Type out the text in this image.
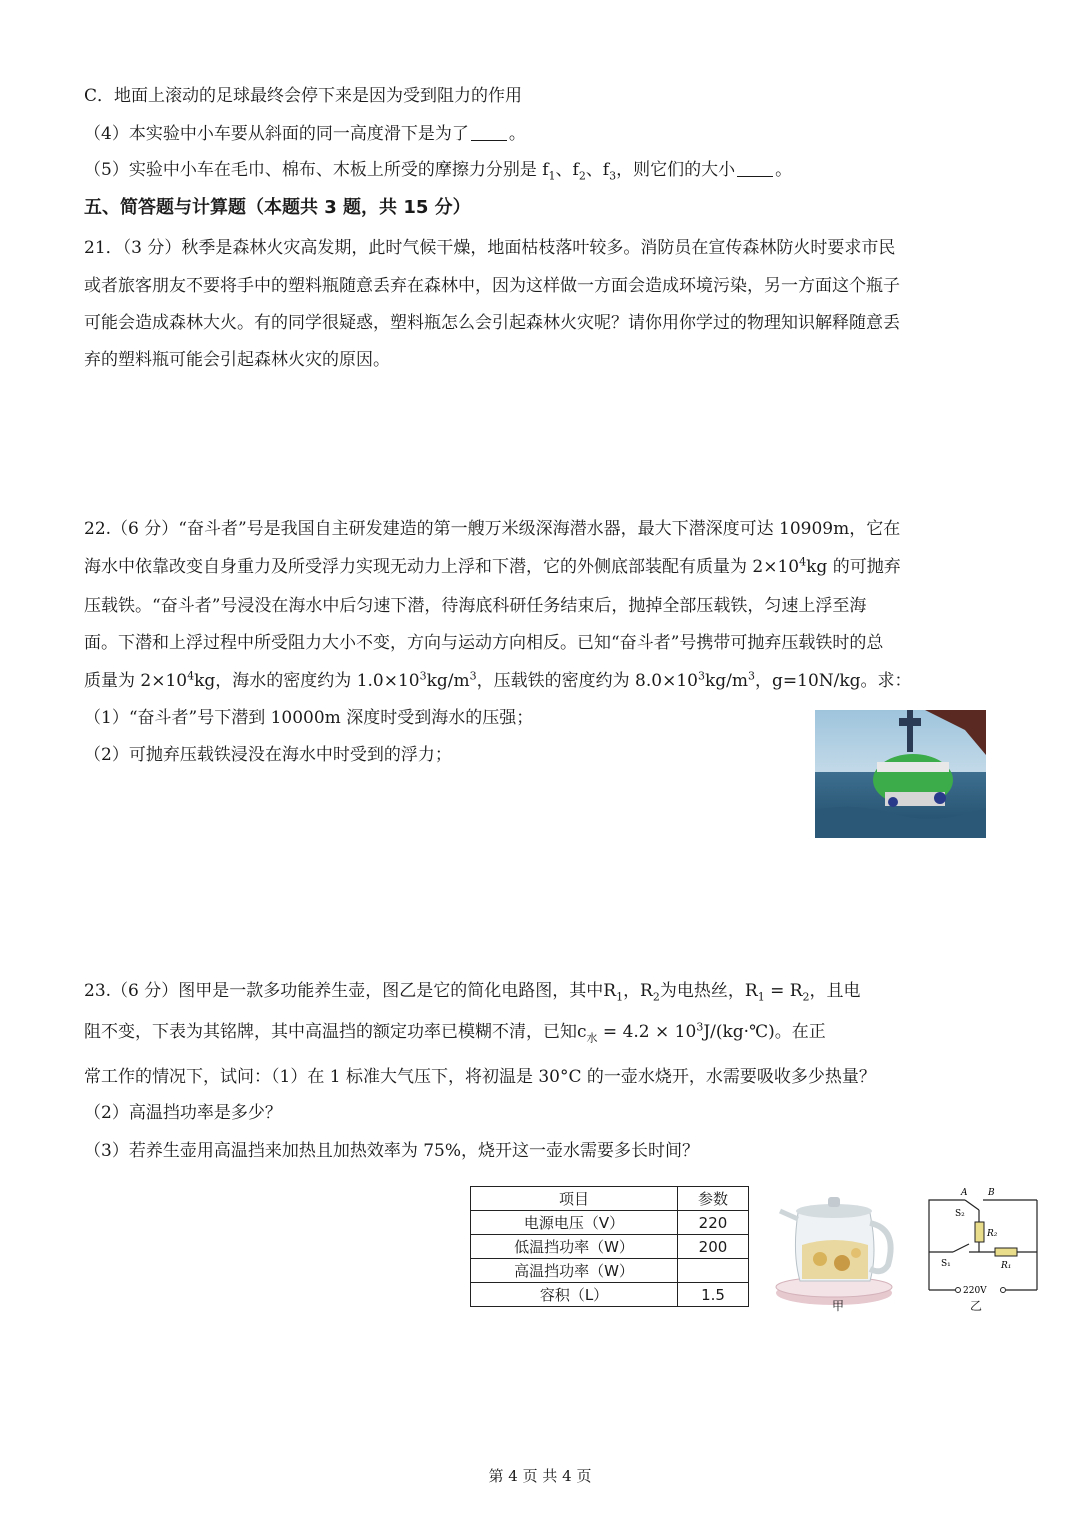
C．地面上滚动的足球最终会停下来是因为受到阻力的作用
（4）本实验中小车要从斜面的同一高度滑下是为了 。
（5）实验中小车在毛巾、棉布、木板上所受的摩擦力分别是 $f_1$、$f_2$、$f_3$，则它们的大小 。
五、简答题与计算题（本题共 3 题，共 15 分）
21．（3 分）秋季是森林火灾高发期，此时气候干燥，地面枯枝落叶较多。消防员在宣传森林防火时要求市民
或者旅客朋友不要将手中的塑料瓶随意丢弃在森林中，因为这样做一方面会造成环境污染，另一方面这个瓶子
可能会造成森林大火。有的同学很疑惑，塑料瓶怎么会引起森林火灾呢？请你用你学过的物理知识解释随意丢
弃的塑料瓶可能会引起森林火灾的原因。
22.（6 分）“奋斗者”号是我国自主研发建造的第一艘万米级深海潜水器，最大下潜深度可达 10909m，它在
海水中依靠改变自身重力及所受浮力实现无动力上浮和下潜，它的外侧底部装配有质量为 $2\times 10^4kg$ 的可抛弃
压载铁。“奋斗者”号浸没在海水中后匀速下潜，待海底科研任务结束后，抛掉全部压载铁，匀速上浮至海
面。下潜和上浮过程中所受阻力大小不变，方向与运动方向相反。已知“奋斗者”号携带可抛弃压载铁时的总
质量为 $2\times 10^4kg$，海水的密度约为 $1.0\times 10^3kg/m^3$，压载铁的密度约为 $8.0\times 10^3kg/m^3$，g=10N/kg。求：
（1）“奋斗者”号下潜到 10000m 深度时受到海水的压强；
（2）可抛弃压载铁浸没在海水中时受到的浮力；
23.（6 分）图甲是一款多功能养生壶，图乙是它的简化电路图，其中$R_1$，$R_2$为电热丝，$R_1 = R_2$，且电
阻不变，下表为其铭牌，其中高温挡的额定功率已模糊不清，已知$c_水 = 4.2$ × $10^3J/(kg\cdot℃)$。在正
常工作的情况下，试问：（1）在 1 标准大气压下，将初温是 30°C 的一壶水烧开，水需要吸收多少热量？
（2）高温挡功率是多少？
（3）若养生壶用高温挡来加热且加热效率为 75%，烧开这一壶水需要多长时间？
项目	参数
电源电压（V）	220
低温挡功率（W）	200
高温挡功率（W）	
容积（L）	1.5
甲
A B
S₂
R₂
S₁	R₁
220V
乙
第 4 页 共 4 页
